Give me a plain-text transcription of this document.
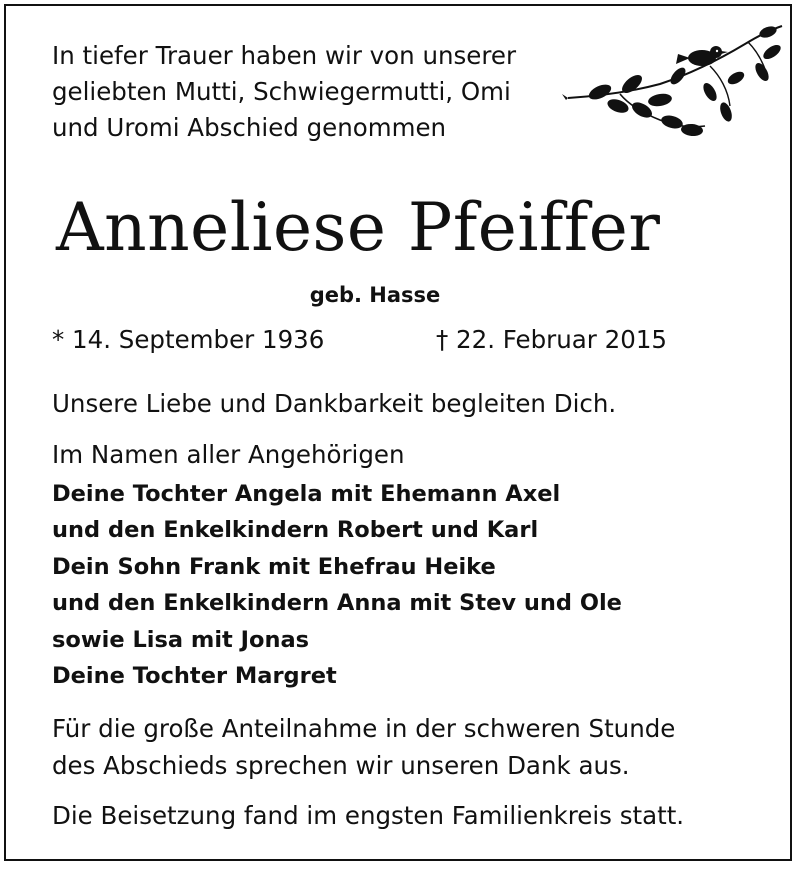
In tiefer Trauer haben wir von unserer
geliebten Mutti, Schwiegermutti, Omi
und Uromi Abschied genommen
Anneliese Pfeiffer
geb. Hasse
* 14. September 1936	† 22. Februar 2015
Unsere Liebe und Dankbarkeit begleiten Dich.
Im Namen aller Angehörigen
Deine Tochter Angela mit Ehemann Axel
und den Enkelkindern Robert und Karl
Dein Sohn Frank mit Ehefrau Heike
und den Enkelkindern Anna mit Stev und Ole
sowie Lisa mit Jonas
Deine Tochter Margret
Für die große Anteilnahme in der schweren Stunde
des Abschieds sprechen wir unseren Dank aus.
Die Beisetzung fand im engsten Familienkreis statt.
